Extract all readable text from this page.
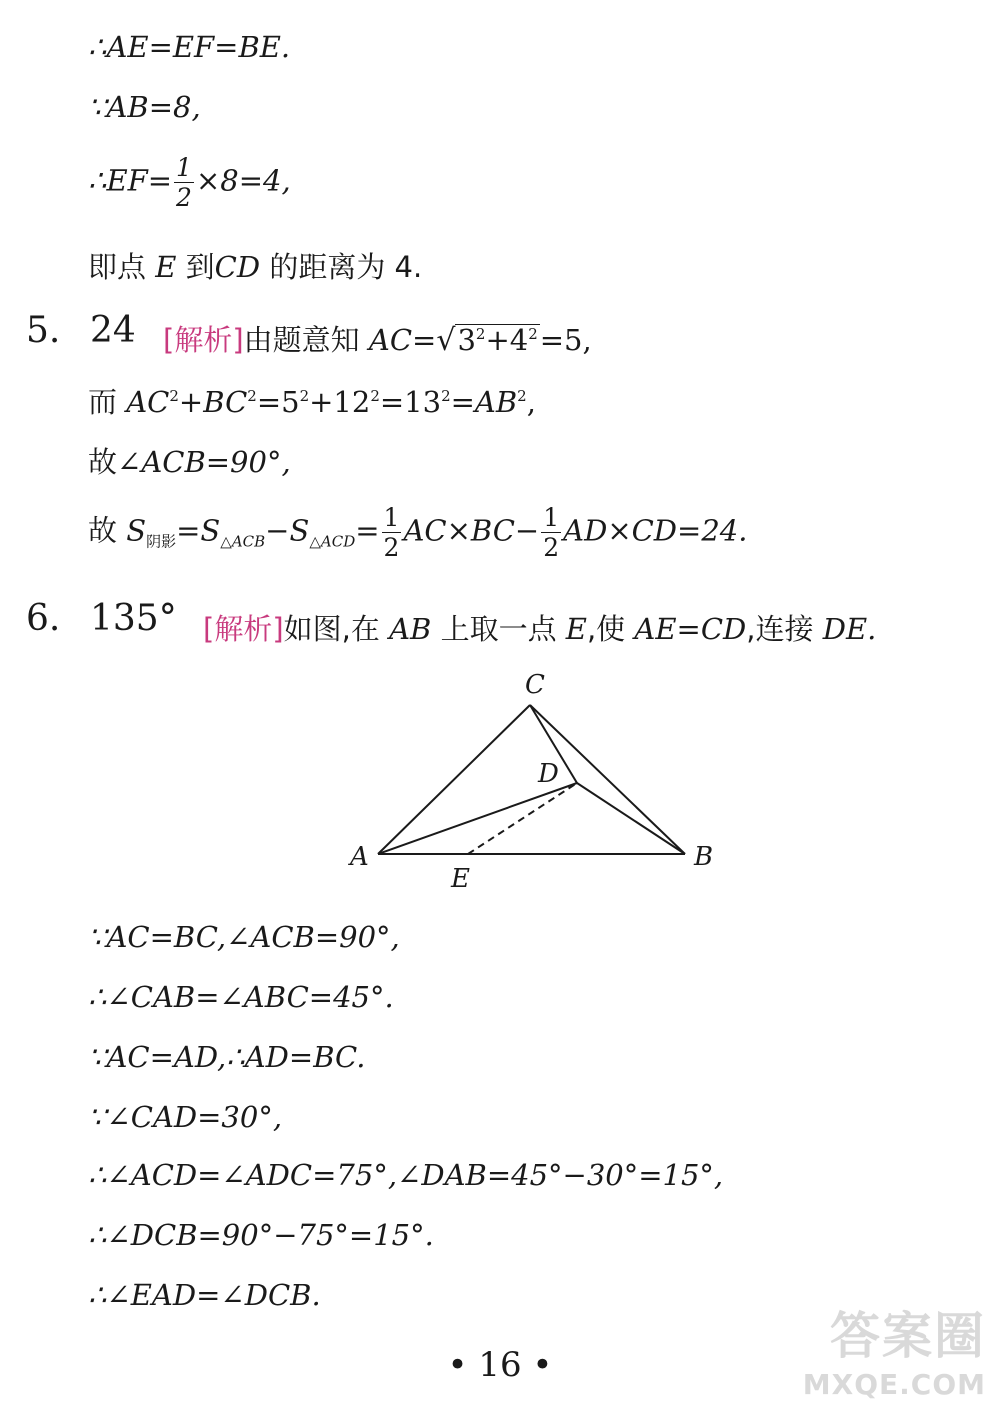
∴AE=EF=BE.
∵AB=8,
∴EF= $\frac{1}{2} \times 8=4$,
即点 E 到CD 的距离为 4.
5. 24 [解析]由题意知 $AC=√3^2+4^2=5$,
而 $AC^2+BC^2=5^2+12^2=13^2=AB^2$,
故∠ACB=90°,
故 $S_{阴影}=S_{\triangle ACB}-S_{\triangle ACD}= \frac{1}{2} AC\times BC- \frac{1}{2} AD\times CD=24$.
6. 135° [解析]如图,在 AB 上取一点 E,使 AE=CD,连接 DE.
C
D
A	B
E
∵AC=BC,∠ACB=90°,
∴∠CAB=∠ABC=45°.
∵AC=AD,∴AD=BC.
∵∠CAD=30°,
∴∠ACD=∠ADC=75°,∠DAB=45°−30°=15°,
∴∠DCB=90°−75°=15°.
∴∠EAD=∠DCB.
• 16 •	答案圈
MXQE.COM
